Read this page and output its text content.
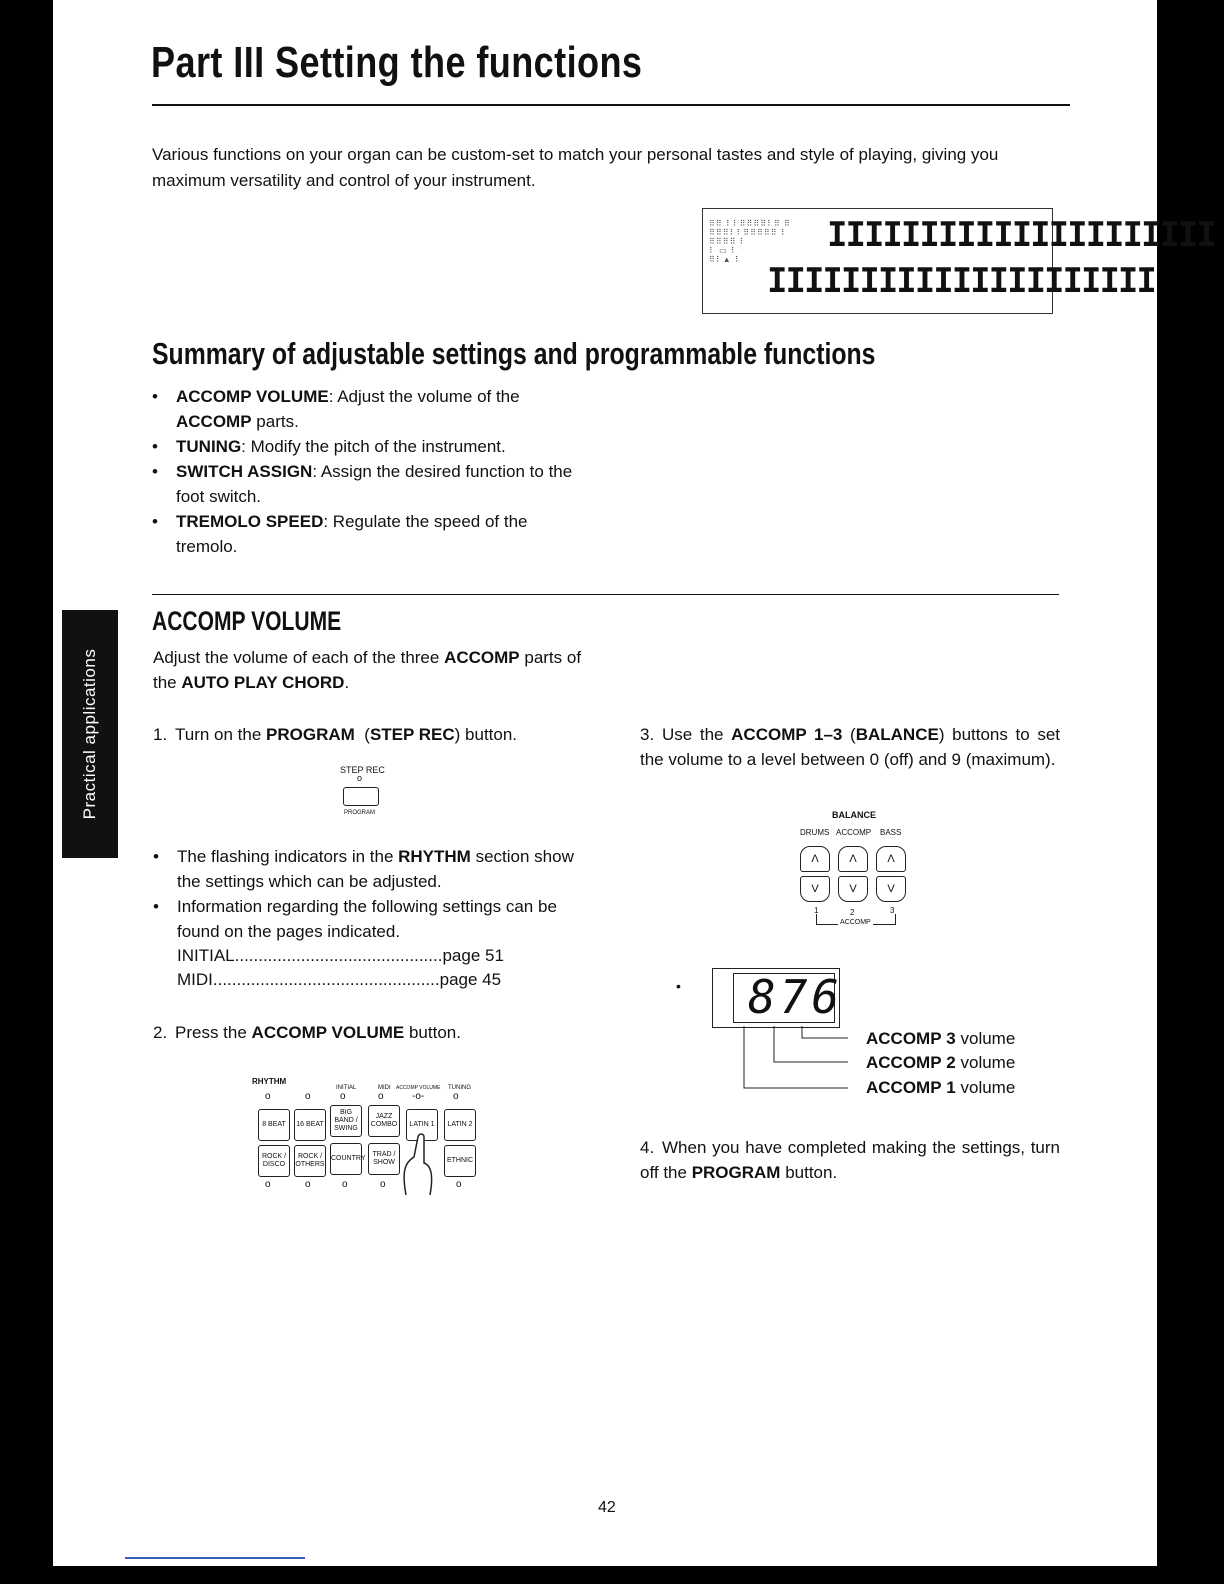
Part III Setting the functions
Various functions on your organ can be custom-set to match your personal tastes and style of playing, giving you maximum versatility and control of your instrument.
⠿⠿ ⠇⠇⠿⠿⠿⠿⠇⠿ ⠿
⠿⠿⠿⠇⠇⠿⠿⠿⠿⠿ ⠇
⠿⠿⠿⠿ ⠇
⠇ ▭ ⠇
⠿⠇▲ ⠇
IIIIIIIIIIIIIIIIIIIII
IIIIIIIIIIIIIIIIIIIII
Summary of adjustable settings and programmable functions
• ACCOMP VOLUME: Adjust the volume of the ACCOMP parts.
• TUNING: Modify the pitch of the instrument.
• SWITCH ASSIGN: Assign the desired function to the foot switch.
• TREMOLO SPEED: Regulate the speed of the tremolo.
Practical applications
ACCOMP VOLUME
Adjust the volume of each of the three ACCOMP parts of the AUTO PLAY CHORD.
1. Turn on the PROGRAM  (STEP REC) button.
STEP REC
o
PROGRAM
• The flashing indicators in the RHYTHM section show the settings which can be adjusted.
• Information regarding the following settings can be found on the pages indicated.
INITIAL............................................page 51
MIDI................................................page 45
2. Press the ACCOMP VOLUME button.
RHYTHM
INITIAL	MIDI ACCOMP VOLUME TUNING
o	o	o	o	-o-	o
8 BEAT	16 BEAT
BIG BAND / SWING
JAZZ COMBO	LATIN 1	LATIN 2
ROCK / DISCO
ROCK / OTHERS
COUNTRY
TRAD / SHOW	ETHNIC
o	o	o	o	o
3. Use the ACCOMP 1–3 (BALANCE) buttons to set the volume to a level between 0 (off) and 9 (maximum).
BALANCE
DRUMS ACCOMP BASS
Λ	Λ	Λ
V	V	V
1	2	3
ACCOMP
• 876
ACCOMP 3 volume
ACCOMP 2 volume
ACCOMP 1 volume
4. When you have completed making the settings, turn off the PROGRAM button.
42
